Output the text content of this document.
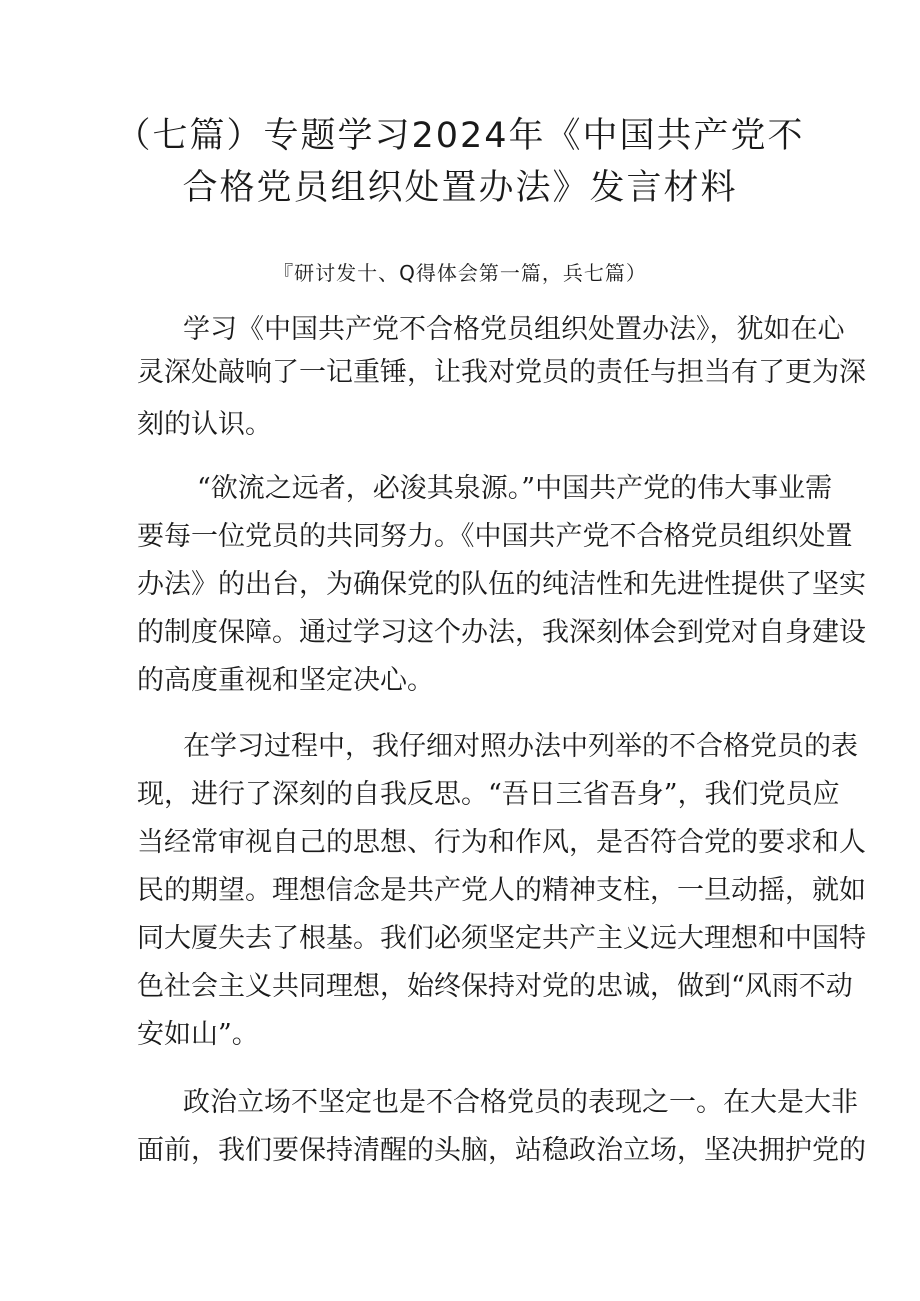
（七篇）专题学习2024年《中国共产党不
合格党员组织处置办法》发言材料
『研讨发十、Q得体会第一篇，兵七篇）
学习《中国共产党不合格党员组织处置办法》，犹如在心
灵深处敲响了一记重锤，让我对党员的责任与担当有了更为深
刻的认识。
“欲流之远者，必浚其泉源。”中国共产党的伟大事业需
要每一位党员的共同努力。《中国共产党不合格党员组织处置
办法》的出台，为确保党的队伍的纯洁性和先进性提供了坚实
的制度保障。通过学习这个办法，我深刻体会到党对自身建设
的高度重视和坚定决心。
在学习过程中，我仔细对照办法中列举的不合格党员的表
现，进行了深刻的自我反思。“吾日三省吾身”，我们党员应
当经常审视自己的思想、行为和作风，是否符合党的要求和人
民的期望。理想信念是共产党人的精神支柱，一旦动摇，就如
同大厦失去了根基。我们必须坚定共产主义远大理想和中国特
色社会主义共同理想，始终保持对党的忠诚，做到“风雨不动
安如山”。
政治立场不坚定也是不合格党员的表现之一。在大是大非
面前，我们要保持清醒的头脑，站稳政治立场，坚决拥护党的
